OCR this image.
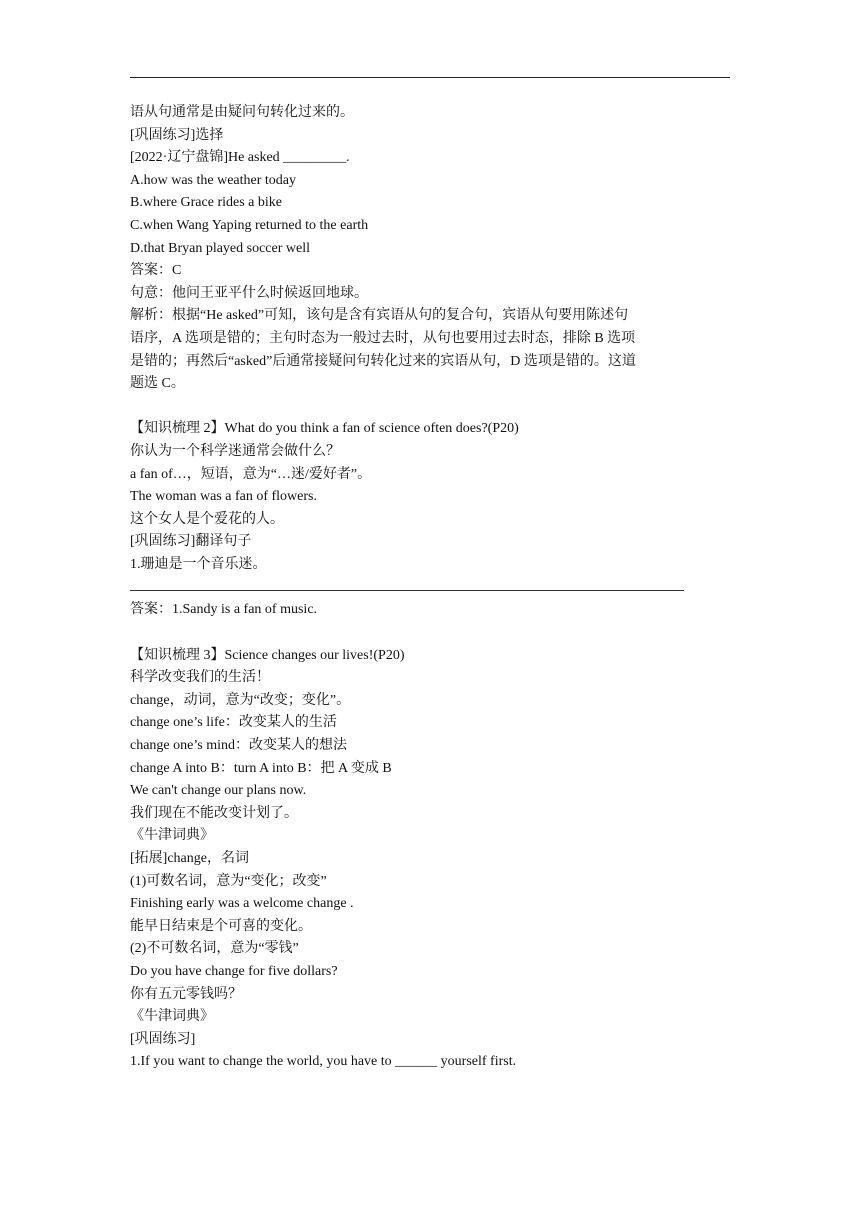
语从句通常是由疑问句转化过来的。
[巩固练习]选择
[2022·辽宁盘锦]He asked _________.
A.how was the weather today
B.where Grace rides a bike
C.when Wang Yaping returned to the earth
D.that Bryan played soccer well
答案：C
句意：他问王亚平什么时候返回地球。
解析：根据“He asked”可知，该句是含有宾语从句的复合句，宾语从句要用陈述句
语序，A 选项是错的；主句时态为一般过去时，从句也要用过去时态，排除 B 选项
是错的；再然后“asked”后通常接疑问句转化过来的宾语从句，D 选项是错的。这道
题选 C。
【知识梳理 2】What do you think a fan of science often does?(P20)
你认为一个科学迷通常会做什么？
a fan of…，短语，意为“…迷/爱好者”。
The woman was a fan of flowers.
这个女人是个爱花的人。
[巩固练习]翻译句子
1.珊迪是一个音乐迷。
答案：1.Sandy is a fan of music.
【知识梳理 3】Science changes our lives!(P20)
科学改变我们的生活！
change，动词，意为“改变；变化”。
change one’s life：改变某人的生活
change one’s mind：改变某人的想法
change A into B：turn A into B：把 A 变成 B
We can't change our plans now.
我们现在不能改变计划了。
《牛津词典》
[拓展]change，名词
(1)可数名词，意为“变化；改变”
Finishing early was a welcome change .
能早日结束是个可喜的变化。
(2)不可数名词，意为“零钱”
Do you have change for five dollars?
你有五元零钱吗？
《牛津词典》
[巩固练习]
1.If you want to change the world, you have to ______ yourself first.
